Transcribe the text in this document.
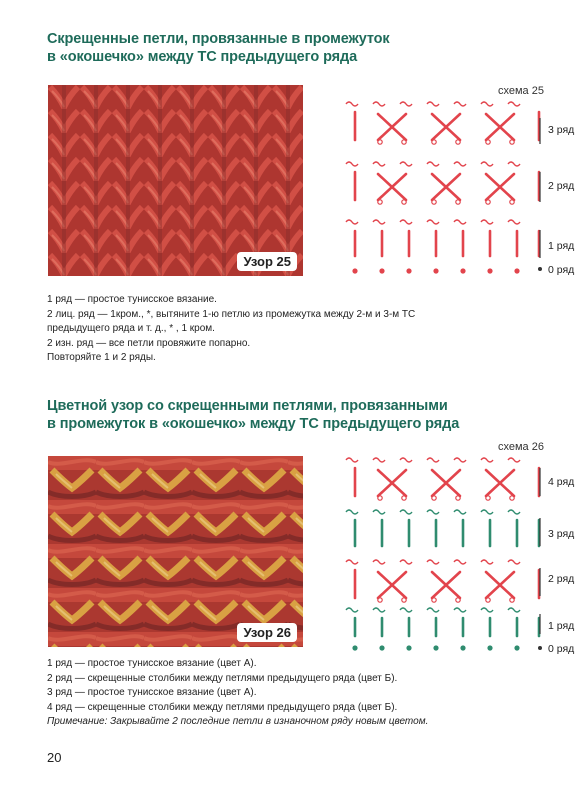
Скрещенные петли, провязанные в промежуток
в «окошечко» между ТС предыдущего ряда
Узор 25
схема 25
3 ряд
2 ряд
1 ряд
0 ряд
1 ряд — простое тунисское вязание.
2 лиц. ряд — 1кром., *, вытяните 1-ю петлю из промежутка между 2-м и 3-м ТС
предыдущего ряда и т. д., * , 1 кром.
2 изн. ряд — все петли провяжите попарно.
Повторяйте 1 и 2 ряды.
Цветной узор со скрещенными петлями, провязанными
в промежуток в «окошечко» между ТС предыдущего ряда
Узор 26
схема 26
4 ряд
3 ряд
2 ряд
1 ряд
0 ряд
1 ряд — простое тунисское вязание (цвет А).
2 ряд — скрещенные столбики между петлями предыдущего ряда (цвет Б).
3 ряд — простое тунисское вязание (цвет А).
4 ряд — скрещенные столбики между петлями предыдущего ряда (цвет Б).
Примечание: Закрывайте 2 последние петли в изнаночном ряду новым цветом.
20
